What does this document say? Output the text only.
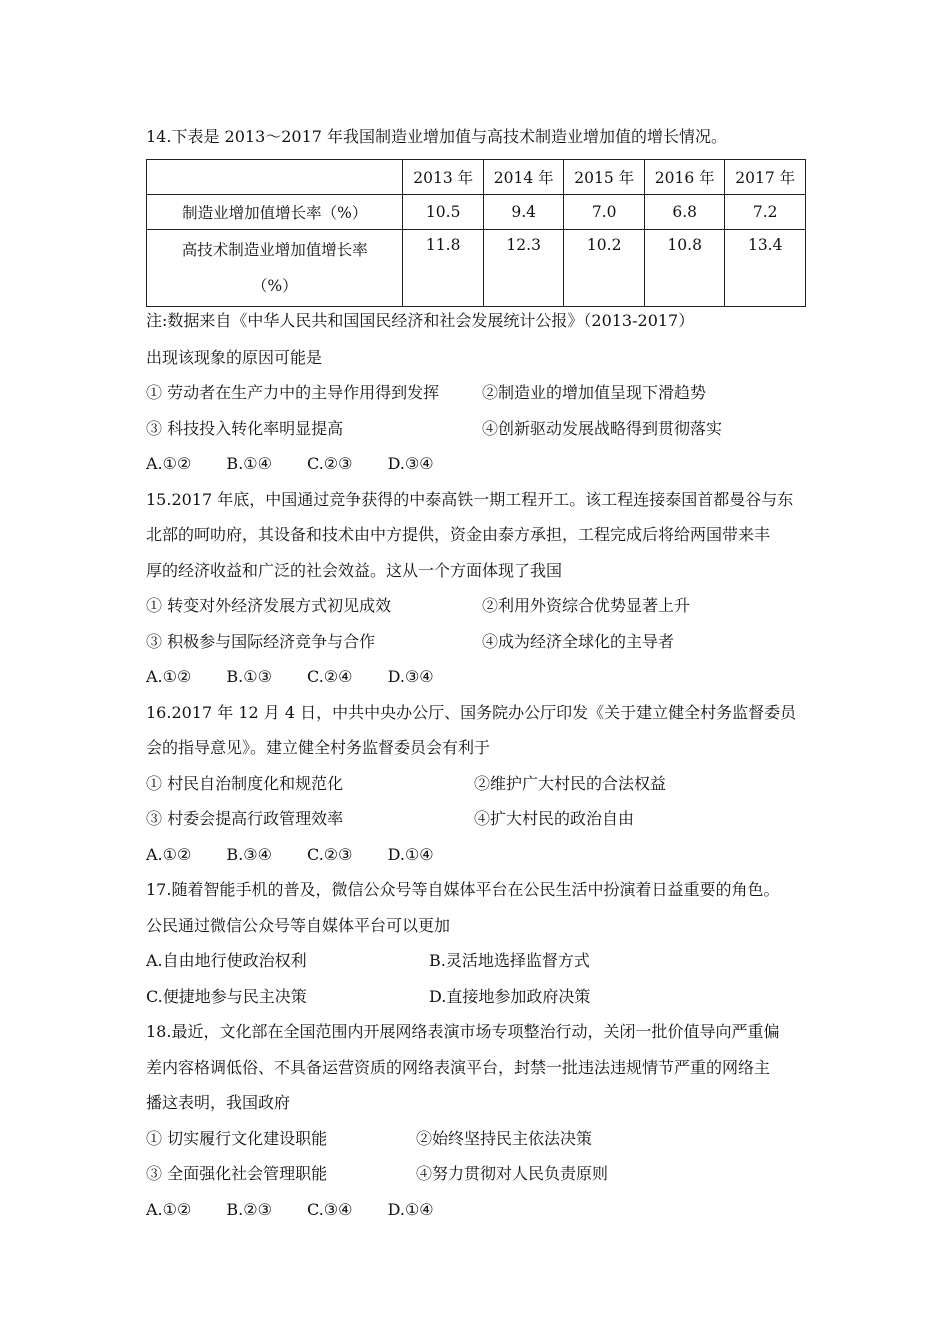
14.下表是 2013～2017 年我国制造业增加值与高技术制造业增加值的增长情况。
	2013 年	2014 年	2015 年	2016 年	2017 年
制造业增加值增长率（%）	10.5	9.4	7.0	6.8	7.2

高技术制造业增加值增长率
（%）	11.8	12.3	10.2	10.8	13.4
注:数据来自《中华人民共和国国民经济和社会发展统计公报》（2013-2017）
出现该现象的原因可能是
① 劳动者在生产力中的主导作用得到发挥	②制造业的增加值呈现下滑趋势
③ 科技投入转化率明显提高	④创新驱动发展战略得到贯彻落实
A.①② B.①④ C.②③ D.③④
15.2017 年底，中国通过竞争获得的中泰高铁一期工程开工。该工程连接泰国首都曼谷与东
北部的呵叻府，其设备和技术由中方提供，资金由泰方承担，工程完成后将给两国带来丰
厚的经济收益和广泛的社会效益。这从一个方面体现了我国
① 转变对外经济发展方式初见成效	②利用外资综合优势显著上升
③ 积极参与国际经济竞争与合作	④成为经济全球化的主导者
A.①② B.①③ C.②④ D.③④
16.2017 年 12 月 4 日，中共中央办公厅、国务院办公厅印发《关于建立健全村务监督委员
会的指导意见》。建立健全村务监督委员会有利于
① 村民自治制度化和规范化	②维护广大村民的合法权益
③ 村委会提高行政管理效率	④扩大村民的政治自由
A.①② B.③④ C.②③ D.①④
17.随着智能手机的普及，微信公众号等自媒体平台在公民生活中扮演着日益重要的角色。
公民通过微信公众号等自媒体平台可以更加
A.自由地行使政治权利	B.灵活地选择监督方式
C.便捷地参与民主决策	D.直接地参加政府决策
18.最近，文化部在全国范围内开展网络表演市场专项整治行动，关闭一批价值导向严重偏
差内容格调低俗、不具备运营资质的网络表演平台，封禁一批违法违规情节严重的网络主
播这表明，我国政府
① 切实履行文化建设职能	②始终坚持民主依法决策
③ 全面强化社会管理职能	④努力贯彻对人民负责原则
A.①② B.②③ C.③④ D.①④
